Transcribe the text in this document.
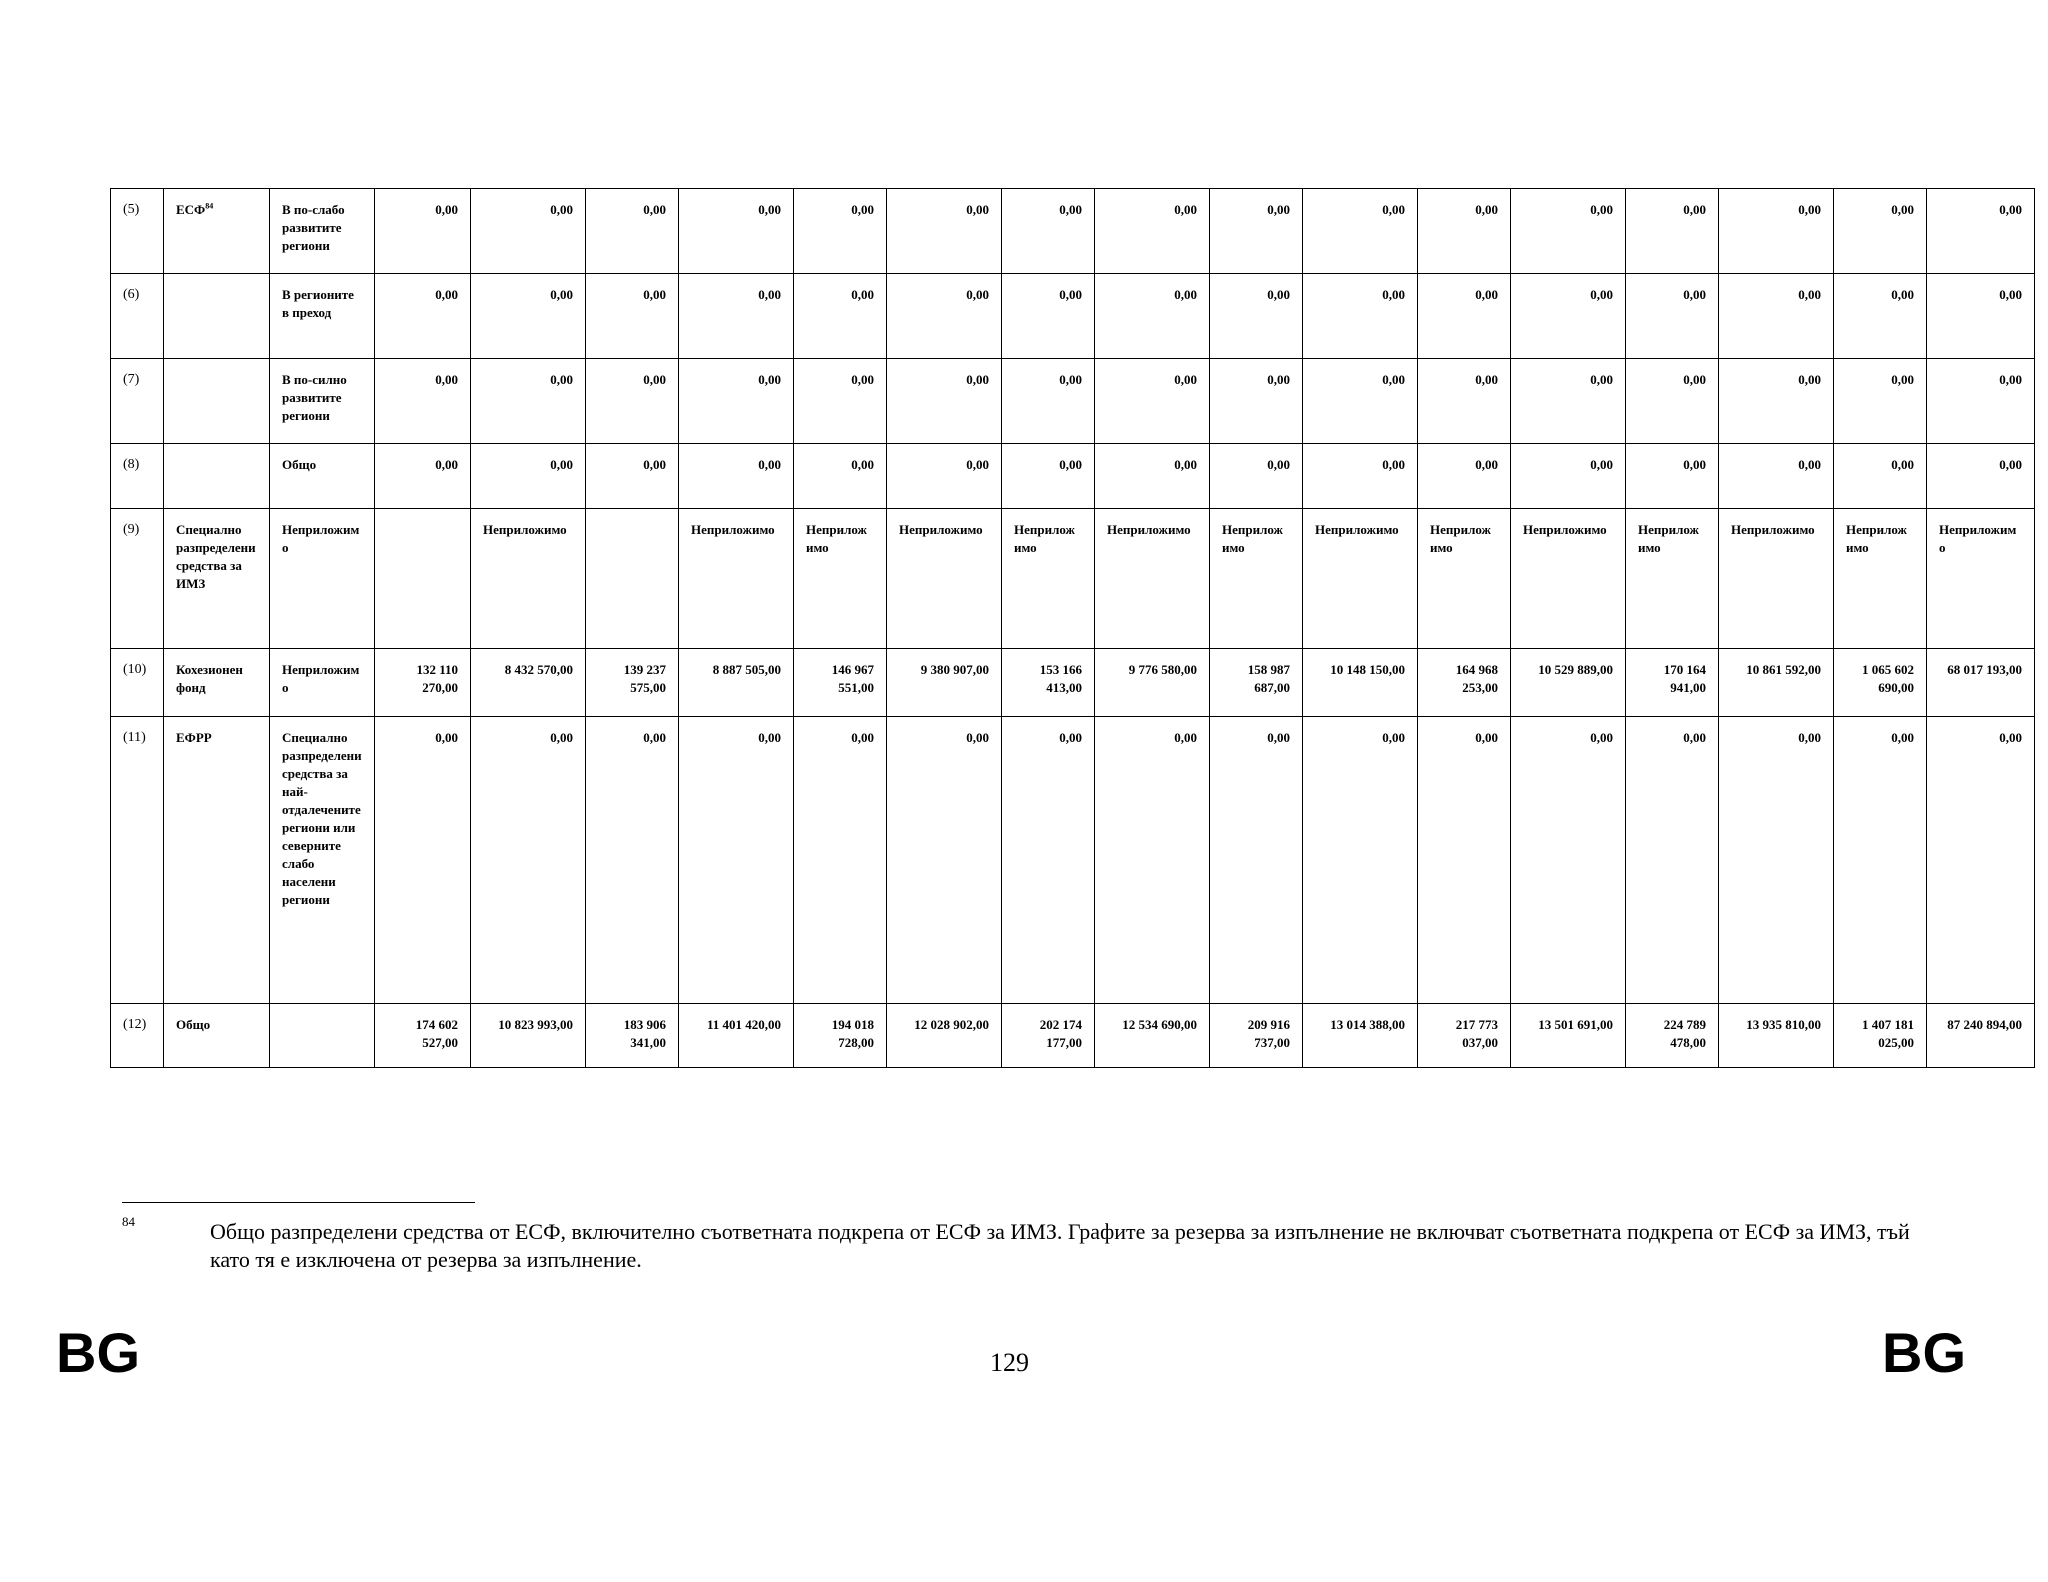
(5)	ЕСФ$^{84}$	В по-слабо развитите региони	0,00	0,00	0,00	0,00	0,00	0,00	0,00	0,00	0,00	0,00	0,00	0,00	0,00	0,00	0,00	0,00
(6)		В регионите в преход	0,00	0,00	0,00	0,00	0,00	0,00	0,00	0,00	0,00	0,00	0,00	0,00	0,00	0,00	0,00	0,00
(7)		В по-силно развитите региони	0,00	0,00	0,00	0,00	0,00	0,00	0,00	0,00	0,00	0,00	0,00	0,00	0,00	0,00	0,00	0,00
(8)		Общо	0,00	0,00	0,00	0,00	0,00	0,00	0,00	0,00	0,00	0,00	0,00	0,00	0,00	0,00	0,00	0,00
(9)	Специално разпределени средства за ИМЗ	Неприложимо		Неприложимо		Неприложимо	Неприложимо	Неприложимо	Неприложимо	Неприложимо	Неприложимо	Неприложимо	Неприложимо	Неприложимо	Неприложимо	Неприложимо	Неприложимо	Неприложимо
(10)	Кохезионен фонд	Неприложимо	132 110 270,00	8 432 570,00	139 237 575,00	8 887 505,00	146 967 551,00	9 380 907,00	153 166 413,00	9 776 580,00	158 987 687,00	10 148 150,00	164 968 253,00	10 529 889,00	170 164 941,00	10 861 592,00	1 065 602 690,00	68 017 193,00
(11)	ЕФРР	Специално разпределени средства за най-отдалечените региони или северните слабо населени региони	0,00	0,00	0,00	0,00	0,00	0,00	0,00	0,00	0,00	0,00	0,00	0,00	0,00	0,00	0,00	0,00
(12)	Общо		174 602 527,00	10 823 993,00	183 906 341,00	11 401 420,00	194 018 728,00	12 028 902,00	202 174 177,00	12 534 690,00	209 916 737,00	13 014 388,00	217 773 037,00	13 501 691,00	224 789 478,00	13 935 810,00	1 407 181 025,00	87 240 894,00
84	Общо разпределени средства от ЕСФ, включително съответната подкрепа от ЕСФ за ИМЗ. Графите за резерва за изпълнение не включват съответната подкрепа от ЕСФ за ИМЗ, тъй като тя е изключена от резерва за изпълнение.
BG	129	BG
